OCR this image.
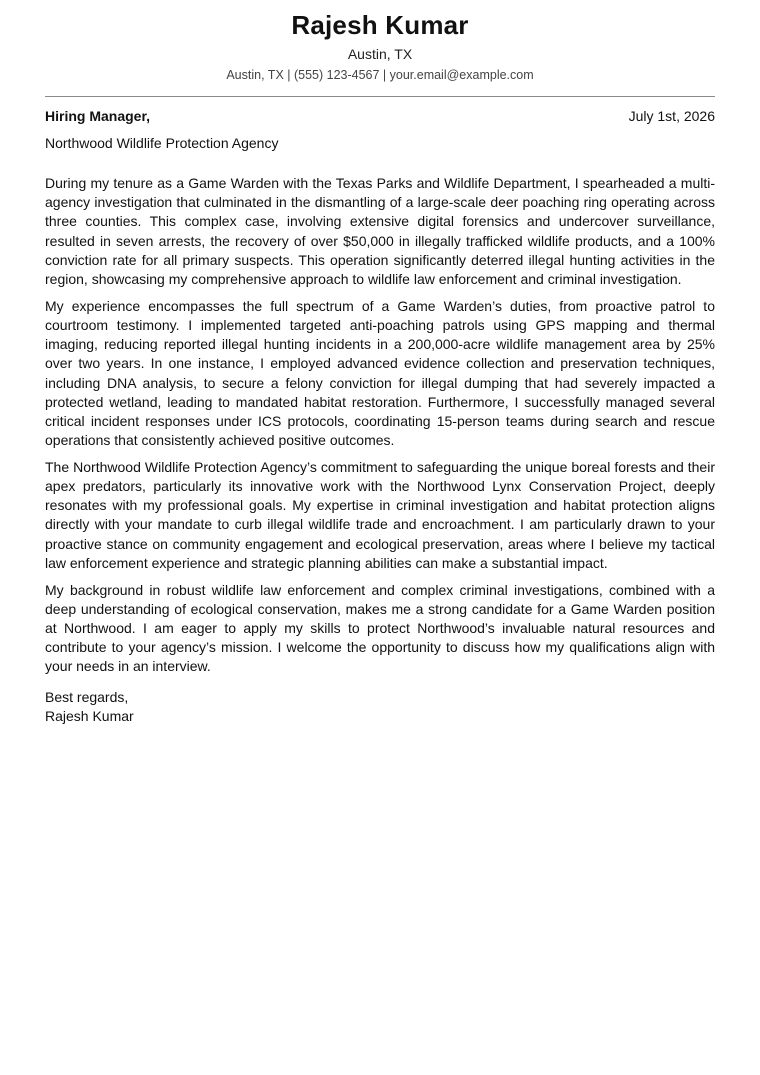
Rajesh Kumar
Austin, TX
Austin, TX | (555) 123-4567 | your.email@example.com
Hiring Manager,	July 1st, 2026
Northwood Wildlife Protection Agency

During my tenure as a Game Warden with the Texas Parks and Wildlife Department, I spearheaded a multi-agency investigation that culminated in the dismantling of a large-scale deer poaching ring operating across three counties. This complex case, involving extensive digital forensics and undercover surveillance, resulted in seven arrests, the recovery of over $50,000 in illegally trafficked wildlife products, and a 100% conviction rate for all primary suspects. This operation significantly deterred illegal hunting activities in the region, showcasing my comprehensive approach to wildlife law enforcement and criminal investigation.

My experience encompasses the full spectrum of a Game Warden’s duties, from proactive patrol to courtroom testimony. I implemented targeted anti-poaching patrols using GPS mapping and thermal imaging, reducing reported illegal hunting incidents in a 200,000-acre wildlife management area by 25% over two years. In one instance, I employed advanced evidence collection and preservation techniques, including DNA analysis, to secure a felony conviction for illegal dumping that had severely impacted a protected wetland, leading to mandated habitat restoration. Furthermore, I successfully managed several critical incident responses under ICS protocols, coordinating 15-person teams during search and rescue operations that consistently achieved positive outcomes.

The Northwood Wildlife Protection Agency’s commitment to safeguarding the unique boreal forests and their apex predators, particularly its innovative work with the Northwood Lynx Conservation Project, deeply resonates with my professional goals. My expertise in criminal investigation and habitat protection aligns directly with your mandate to curb illegal wildlife trade and encroachment. I am particularly drawn to your proactive stance on community engagement and ecological preservation, areas where I believe my tactical law enforcement experience and strategic planning abilities can make a substantial impact.

My background in robust wildlife law enforcement and complex criminal investigations, combined with a deep understanding of ecological conservation, makes me a strong candidate for a Game Warden position at Northwood. I am eager to apply my skills to protect Northwood’s invaluable natural resources and contribute to your agency’s mission. I welcome the opportunity to discuss how my qualifications align with your needs in an interview.

Best regards,
Rajesh Kumar
